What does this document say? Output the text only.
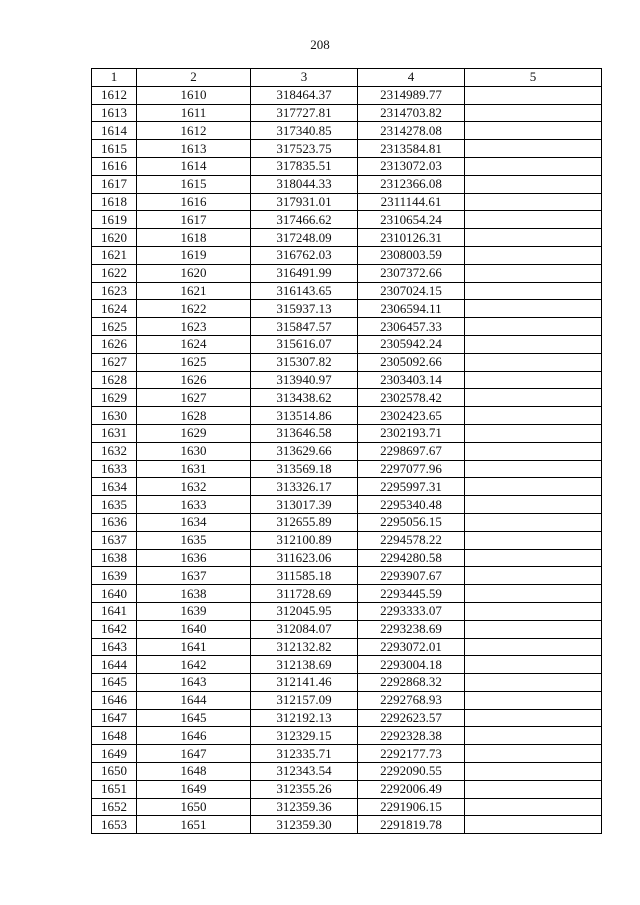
208
1	2	3	4	5
1612	1610	318464.37	2314989.77	
1613	1611	317727.81	2314703.82	
1614	1612	317340.85	2314278.08	
1615	1613	317523.75	2313584.81	
1616	1614	317835.51	2313072.03	
1617	1615	318044.33	2312366.08	
1618	1616	317931.01	2311144.61	
1619	1617	317466.62	2310654.24	
1620	1618	317248.09	2310126.31	
1621	1619	316762.03	2308003.59	
1622	1620	316491.99	2307372.66	
1623	1621	316143.65	2307024.15	
1624	1622	315937.13	2306594.11	
1625	1623	315847.57	2306457.33	
1626	1624	315616.07	2305942.24	
1627	1625	315307.82	2305092.66	
1628	1626	313940.97	2303403.14	
1629	1627	313438.62	2302578.42	
1630	1628	313514.86	2302423.65	
1631	1629	313646.58	2302193.71	
1632	1630	313629.66	2298697.67	
1633	1631	313569.18	2297077.96	
1634	1632	313326.17	2295997.31	
1635	1633	313017.39	2295340.48	
1636	1634	312655.89	2295056.15	
1637	1635	312100.89	2294578.22	
1638	1636	311623.06	2294280.58	
1639	1637	311585.18	2293907.67	
1640	1638	311728.69	2293445.59	
1641	1639	312045.95	2293333.07	
1642	1640	312084.07	2293238.69	
1643	1641	312132.82	2293072.01	
1644	1642	312138.69	2293004.18	
1645	1643	312141.46	2292868.32	
1646	1644	312157.09	2292768.93	
1647	1645	312192.13	2292623.57	
1648	1646	312329.15	2292328.38	
1649	1647	312335.71	2292177.73	
1650	1648	312343.54	2292090.55	
1651	1649	312355.26	2292006.49	
1652	1650	312359.36	2291906.15	
1653	1651	312359.30	2291819.78	
